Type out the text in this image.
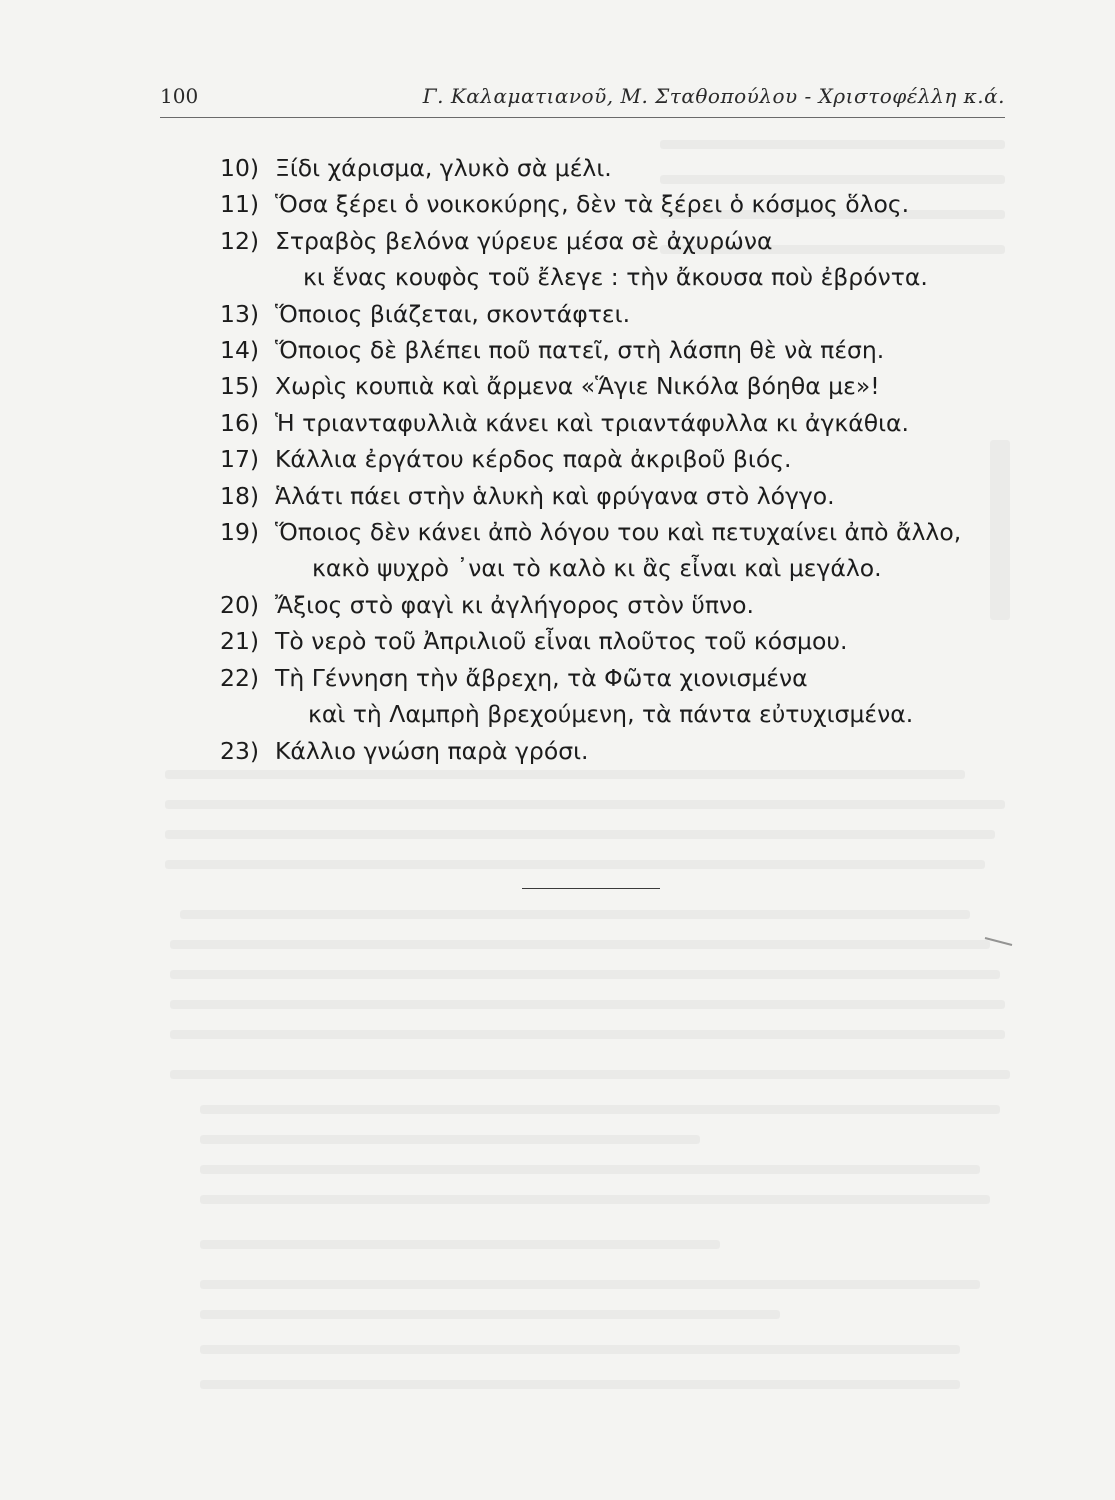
100	Γ. Καλαματιανοῦ, Μ. Σταθοπούλου - Χριστοφέλλη κ.ά.
10) Ξίδι χάρισμα, γλυκὸ σὰ μέλι.
11) Ὅσα ξέρει ὁ νοικοκύρης, δὲν τὰ ξέρει ὁ κόσμος ὅλος.
12) Στραβὸς βελόνα γύρευε μέσα σὲ ἀχυρώνα
κι ἕνας κουφὸς τοῦ ἔλεγε : τὴν ἄκουσα ποὺ ἐβρόντα.
13) Ὅποιος βιάζεται, σκοντάφτει.
14) Ὅποιος δὲ βλέπει ποῦ πατεῖ, στὴ λάσπη θὲ νὰ πέση.
15) Χωρὶς κουπιὰ καὶ ἄρμενα «Ἅγιε Νικόλα βόηθα με»!
16) Ἡ τριανταφυλλιὰ κάνει καὶ τριαντάφυλλα κι ἀγκάθια.
17) Κάλλια ἐργάτου κέρδος παρὰ ἀκριβοῦ βιός.
18) Ἁλάτι πάει στὴν ἁλυκὴ καὶ φρύγανα στὸ λόγγο.
19) Ὅποιος δὲν κάνει ἀπὸ λόγου του καὶ πετυχαίνει ἀπὸ ἄλλο,
κακὸ ψυχρὸ ᾽ναι τὸ καλὸ κι ἂς εἶναι καὶ μεγάλο.
20) Ἄξιος στὸ φαγὶ κι ἀγλήγορος στὸν ὕπνο.
21) Τὸ νερὸ τοῦ Ἀπριλιοῦ εἶναι πλοῦτος τοῦ κόσμου.
22) Τὴ Γέννηση τὴν ἄβρεχη, τὰ Φῶτα χιονισμένα
καὶ τὴ Λαμπρὴ βρεχούμενη, τὰ πάντα εὐτυχισμένα.
23) Κάλλιο γνώση παρὰ γρόσι.
